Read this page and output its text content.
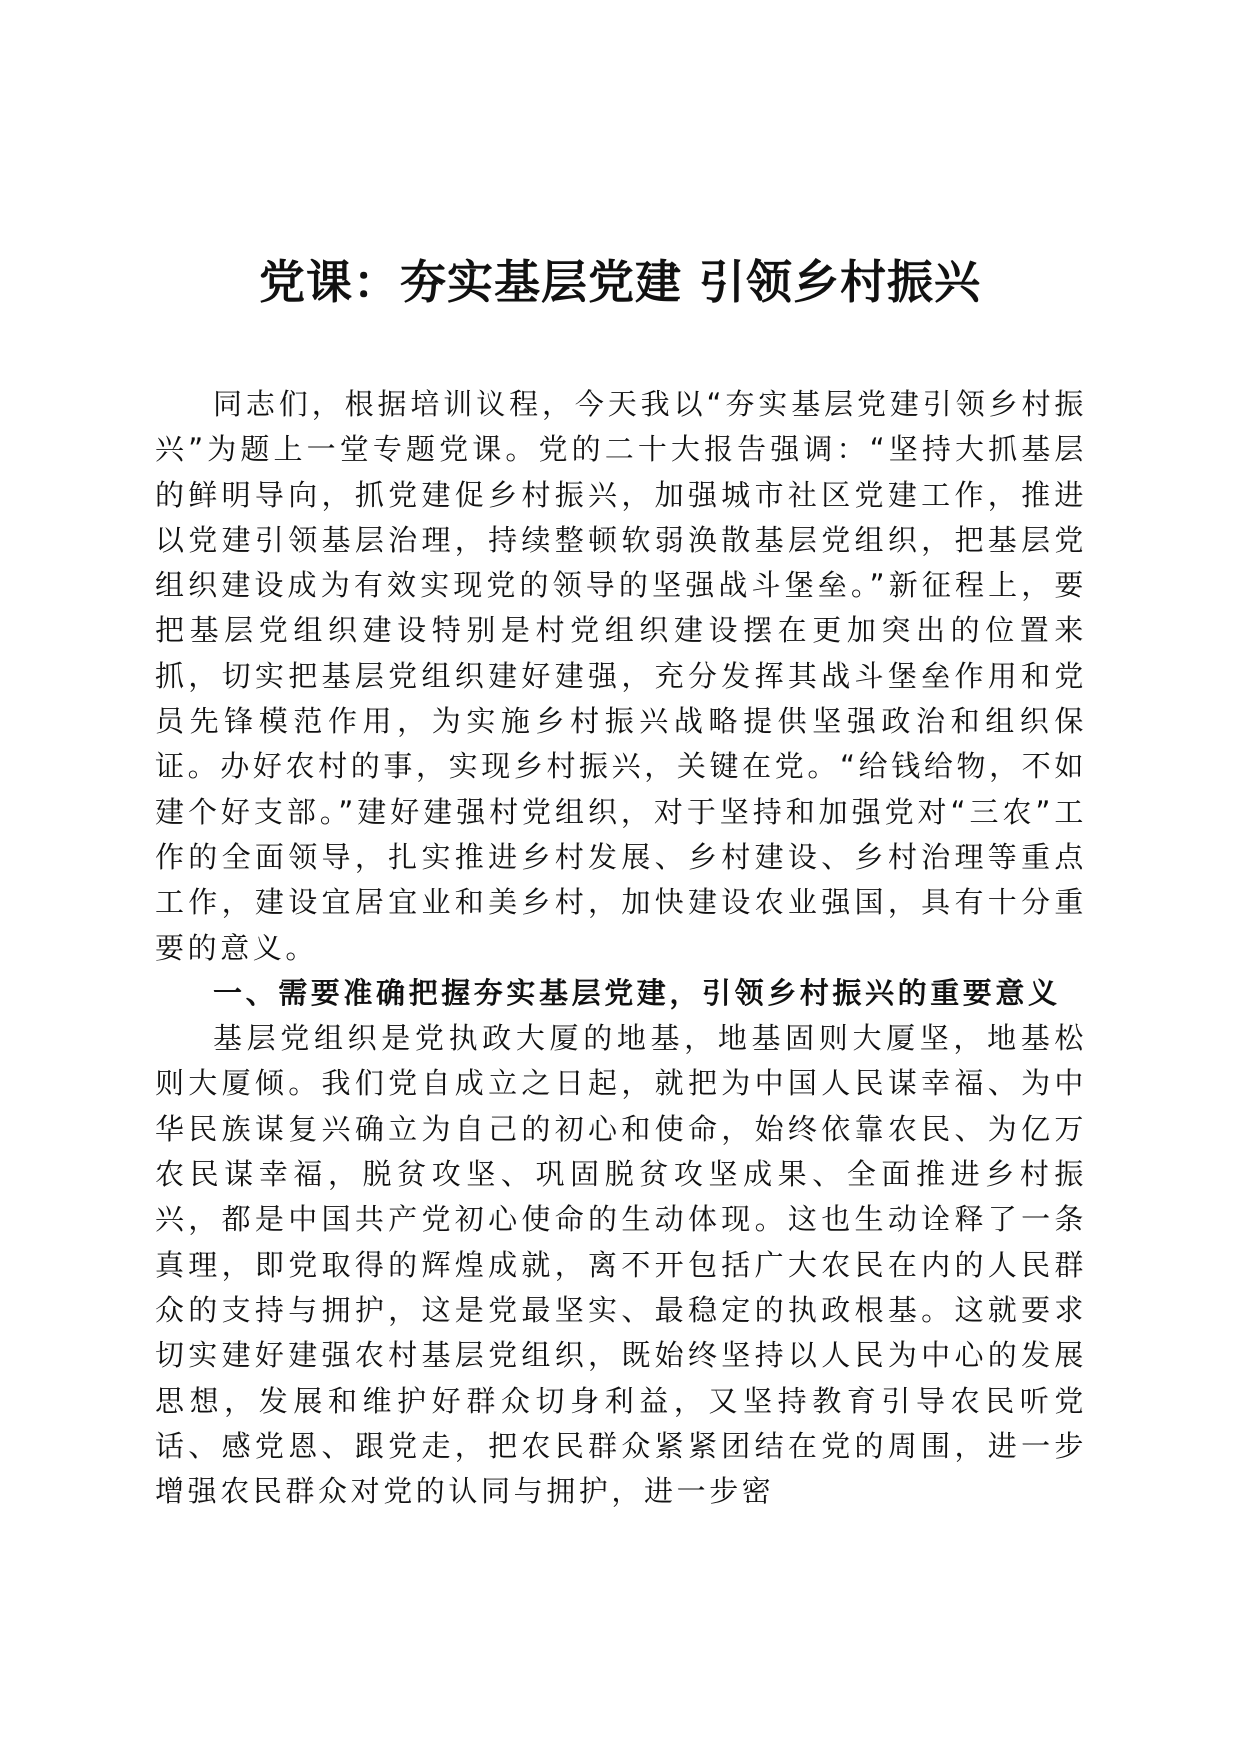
党课：夯实基层党建 引领乡村振兴

同志们，根据培训议程，今天我以“夯实基层党建引领乡村振兴”为题上一堂专题党课。党的二十大报告强调：“坚持大抓基层的鲜明导向，抓党建促乡村振兴，加强城市社区党建工作，推进以党建引领基层治理，持续整顿软弱涣散基层党组织，把基层党组织建设成为有效实现党的领导的坚强战斗堡垒。”新征程上，要把基层党组织建设特别是村党组织建设摆在更加突出的位置来抓，切实把基层党组织建好建强，充分发挥其战斗堡垒作用和党员先锋模范作用，为实施乡村振兴战略提供坚强政治和组织保证。办好农村的事，实现乡村振兴，关键在党。“给钱给物，不如建个好支部。”建好建强村党组织，对于坚持和加强党对“三农”工作的全面领导，扎实推进乡村发展、乡村建设、乡村治理等重点工作，建设宜居宜业和美乡村，加快建设农业强国，具有十分重要的意义。

一、需要准确把握夯实基层党建，引领乡村振兴的重要意义

基层党组织是党执政大厦的地基，地基固则大厦坚，地基松则大厦倾。我们党自成立之日起，就把为中国人民谋幸福、为中华民族谋复兴确立为自己的初心和使命，始终依靠农民、为亿万农民谋幸福，脱贫攻坚、巩固脱贫攻坚成果、全面推进乡村振兴，都是中国共产党初心使命的生动体现。这也生动诠释了一条真理，即党取得的辉煌成就，离不开包括广大农民在内的人民群众的支持与拥护，这是党最坚实、最稳定的执政根基。这就要求切实建好建强农村基层党组织，既始终坚持以人民为中心的发展思想，发展和维护好群众切身利益，又坚持教育引导农民听党话、感党恩、跟党走，把农民群众紧紧团结在党的周围，进一步增强农民群众对党的认同与拥护，进一步密
